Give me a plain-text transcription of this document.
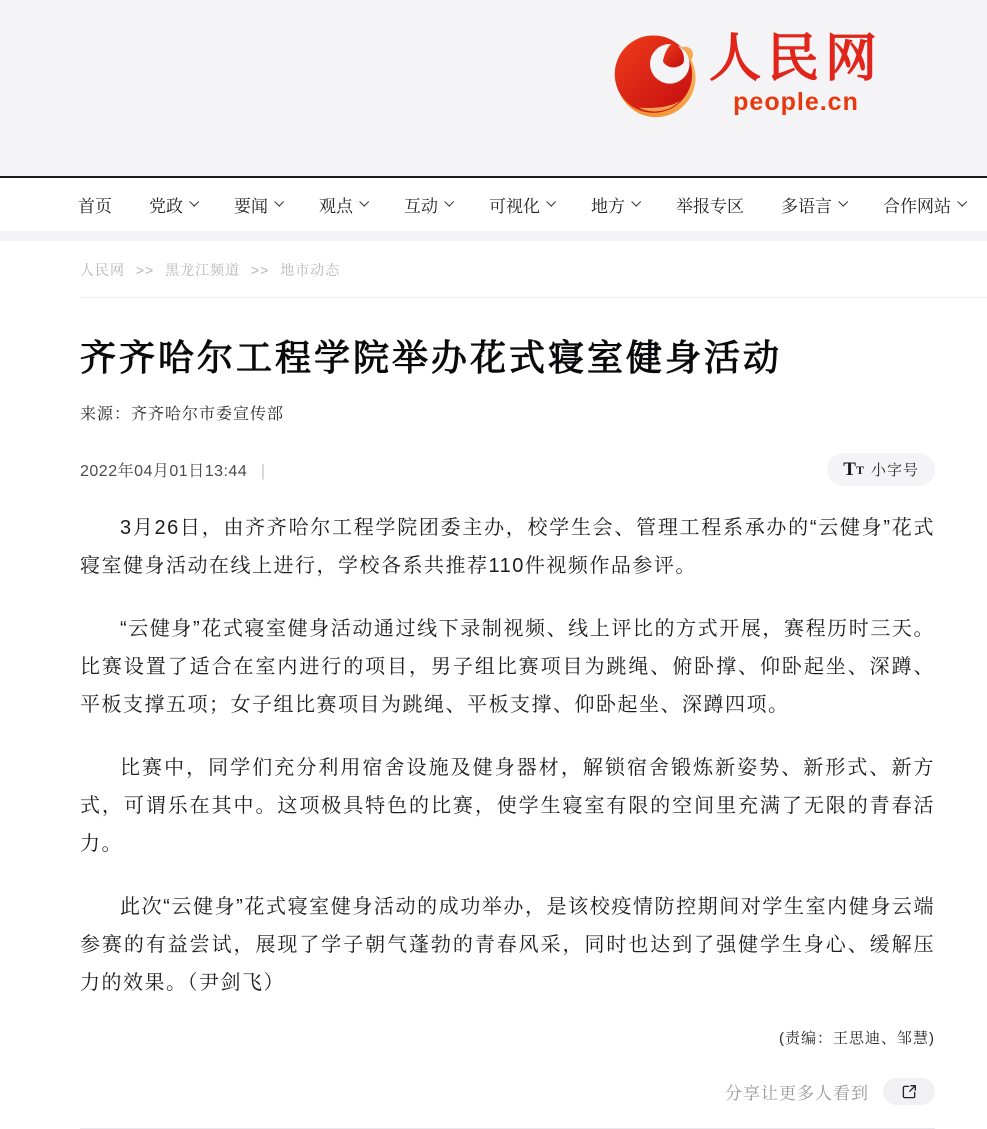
人民网
people.cn
首页 党政	要闻	观点	互动	可视化	地方	举报专区 多语言	合作网站
人民网 >> 黑龙江频道 >> 地市动态
齐齐哈尔工程学院举办花式寝室健身活动
来源：齐齐哈尔市委宣传部
2022年04月01日13:44 |	T T 小字号

3月26日，由齐齐哈尔工程学院团委主办，校学生会、管理工程系承办的“云健身”花式寝室健身活动在线上进行，学校各系共推荐110件视频作品参评。

“云健身”花式寝室健身活动通过线下录制视频、线上评比的方式开展，赛程历时三天。比赛设置了适合在室内进行的项目，男子组比赛项目为跳绳、俯卧撑、仰卧起坐、深蹲、平板支撑五项；女子组比赛项目为跳绳、平板支撑、仰卧起坐、深蹲四项。

比赛中，同学们充分利用宿舍设施及健身器材，解锁宿舍锻炼新姿势、新形式、新方式，可谓乐在其中。这项极具特色的比赛，使学生寝室有限的空间里充满了无限的青春活力。

此次“云健身”花式寝室健身活动的成功举办，是该校疫情防控期间对学生室内健身云端参赛的有益尝试，展现了学子朝气蓬勃的青春风采，同时也达到了强健学生身心、缓解压力的效果。（尹剑飞）

(责编：王思迪、邹慧)
分享让更多人看到
